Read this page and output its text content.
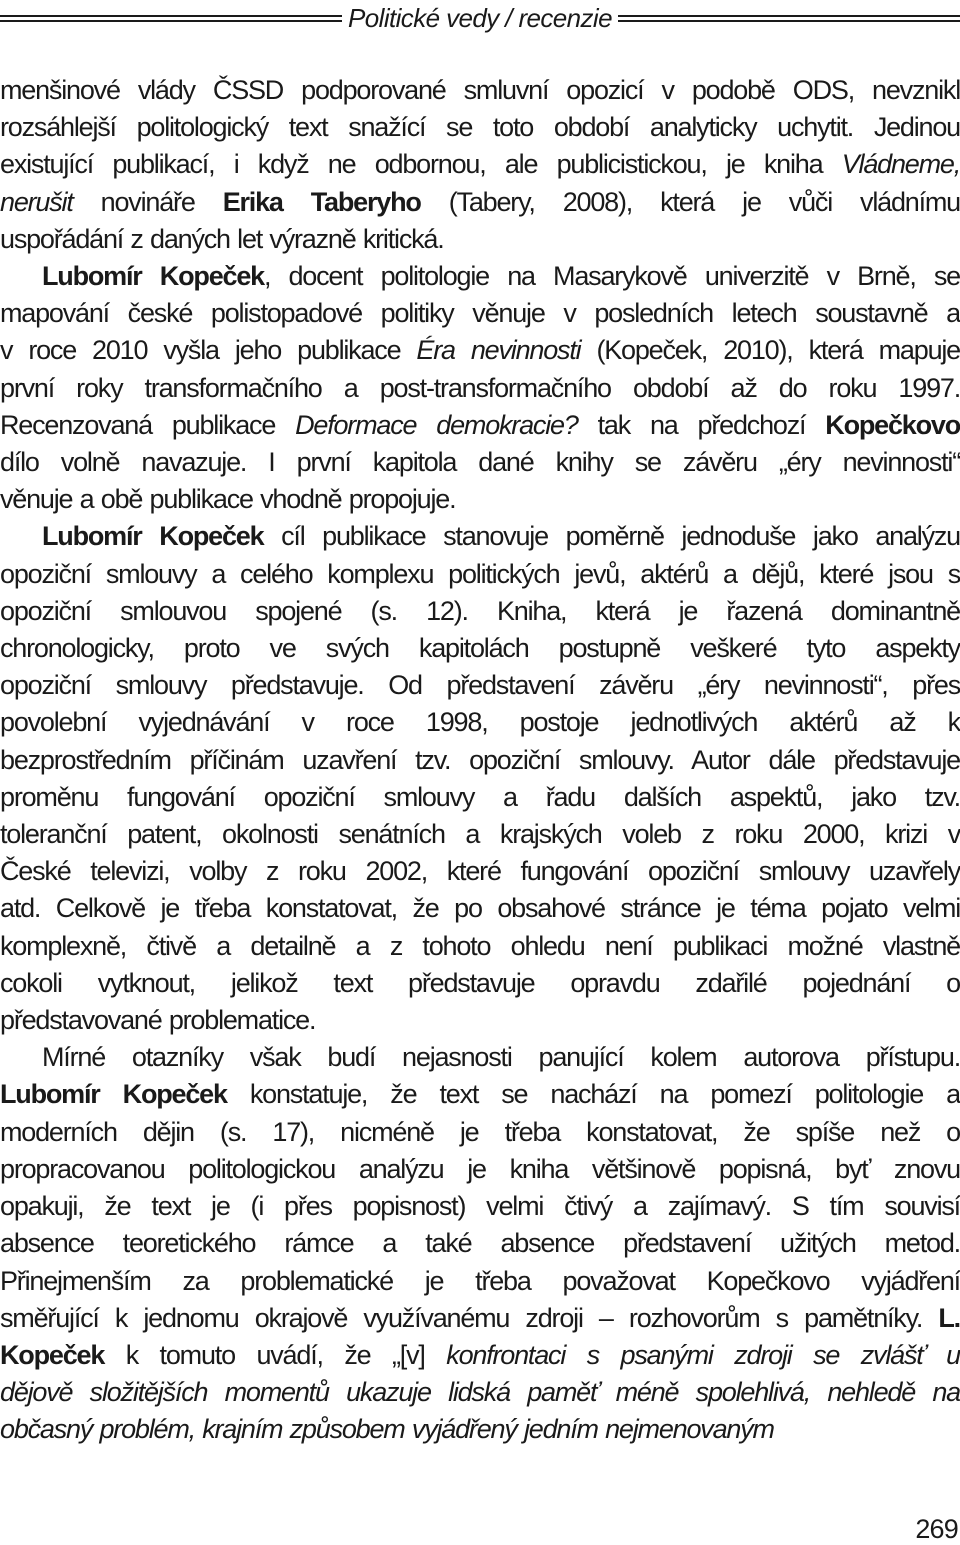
Politické vedy / recenzie

menšinové vlády ČSSD podporované smluvní opozicí v podobě ODS, nevznikl
rozsáhlejší politologický text snažící se toto období analyticky uchytit. Jedinou
existující publikací, i když ne odbornou, ale publicistickou, je kniha Vládneme,
nerušit novináře Erika Taberyho (Tabery, 2008), která je vůči vládnímu
uspořádání z daných let výrazně kritická.

Lubomír Kopeček, docent politologie na Masarykově univerzitě v Brně, se
mapování české polistopadové politiky věnuje v posledních letech soustavně a
v roce 2010 vyšla jeho publikace Éra nevinnosti (Kopeček, 2010), která mapuje
první roky transformačního a post-transformačního období až do roku 1997.
Recenzovaná publikace Deformace demokracie? tak na předchozí Kopečkovo
dílo volně navazuje. I první kapitola dané knihy se závěru „éry nevinnosti“
věnuje a obě publikace vhodně propojuje.

Lubomír Kopeček cíl publikace stanovuje poměrně jednoduše jako analýzu
opoziční smlouvy a celého komplexu politických jevů, aktérů a dějů, které jsou s
opoziční smlouvou spojené (s. 12). Kniha, která je řazená dominantně
chronologicky, proto ve svých kapitolách postupně veškeré tyto aspekty
opoziční smlouvy představuje. Od představení závěru „éry nevinnosti“, přes
povolební vyjednávání v roce 1998, postoje jednotlivých aktérů až k
bezprostředním příčinám uzavření tzv. opoziční smlouvy. Autor dále představuje
proměnu fungování opoziční smlouvy a řadu dalších aspektů, jako tzv.
toleranční patent, okolnosti senátních a krajských voleb z roku 2000, krizi v
České televizi, volby z roku 2002, které fungování opoziční smlouvy uzavřely
atd. Celkově je třeba konstatovat, že po obsahové stránce je téma pojato velmi
komplexně, čtivě a detailně a z tohoto ohledu není publikaci možné vlastně
cokoli vytknout, jelikož text představuje opravdu zdařilé pojednání o
představované problematice.

Mírné otazníky však budí nejasnosti panující kolem autorova přístupu.
Lubomír Kopeček konstatuje, že text se nachází na pomezí politologie a
moderních dějin (s. 17), nicméně je třeba konstatovat, že spíše než o
propracovanou politologickou analýzu je kniha většinově popisná, byť znovu
opakuji, že text je (i přes popisnost) velmi čtivý a zajímavý. S tím souvisí
absence teoretického rámce a také absence představení užitých metod.
Přinejmenším za problematické je třeba považovat Kopečkovo vyjádření
směřující k jednomu okrajově využívanému zdroji – rozhovorům s pamětníky. L.
Kopeček k tomuto uvádí, že „[v] konfrontaci s psanými zdroji se zvlášť u
dějově složitějších momentů ukazuje lidská paměť méně spolehlivá, nehledě na
občasný problém, krajním způsobem vyjádřený jedním nejmenovaným

269
